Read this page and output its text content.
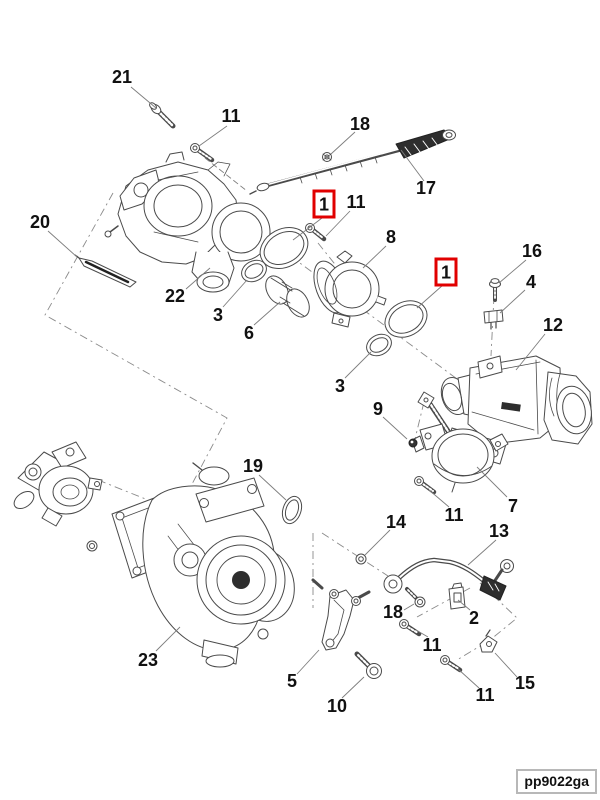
21
11	18
17
1 11
8
20
22
3
6
1
16
4
12
3
9
7
11
19
14	13
23
5
10
18
11
2
15
11
pp9022ga
